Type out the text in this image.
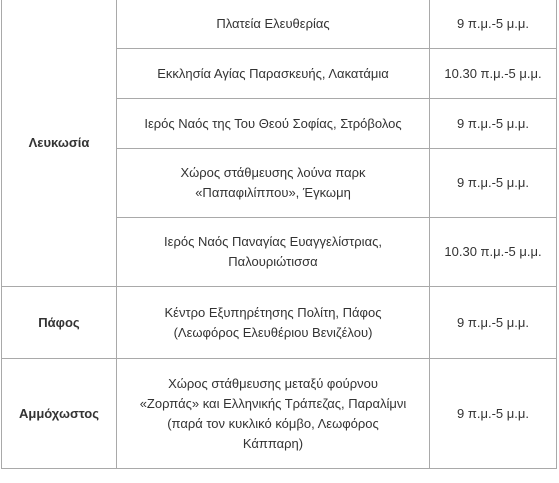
Λευκωσία	Πλατεία Ελευθερίας	9 π.μ.-5 μ.μ.
	Εκκλησία Αγίας Παρασκευής, Λακατάμια	10.30 π.μ.-5 μ.μ.
	Ιερός Ναός της Του Θεού Σοφίας, Στρόβολος	9 π.μ.-5 μ.μ.

	Χώρος στάθμευσης λούνα παρκ
«Παπαφιλίππου», Έγκωμη	9 π.μ.-5 μ.μ.

	Ιερός Ναός Παναγίας Ευαγγελίστριας,
Παλουριώτισσα	10.30 π.μ.-5 μ.μ.
Πάφος	Κέντρο Εξυπηρέτησης Πολίτη, Πάφος
(Λεωφόρος Ελευθέριου Βενιζέλου)	9 π.μ.-5 μ.μ.
Αμμόχωστος	Χώρος στάθμευσης μεταξύ φούρνου
«Ζορπάς» και Ελληνικής Τράπεζας, Παραλίμνι
(παρά τον κυκλικό κόμβο, Λεωφόρος
Κάππαρη)	9 π.μ.-5 μ.μ.
